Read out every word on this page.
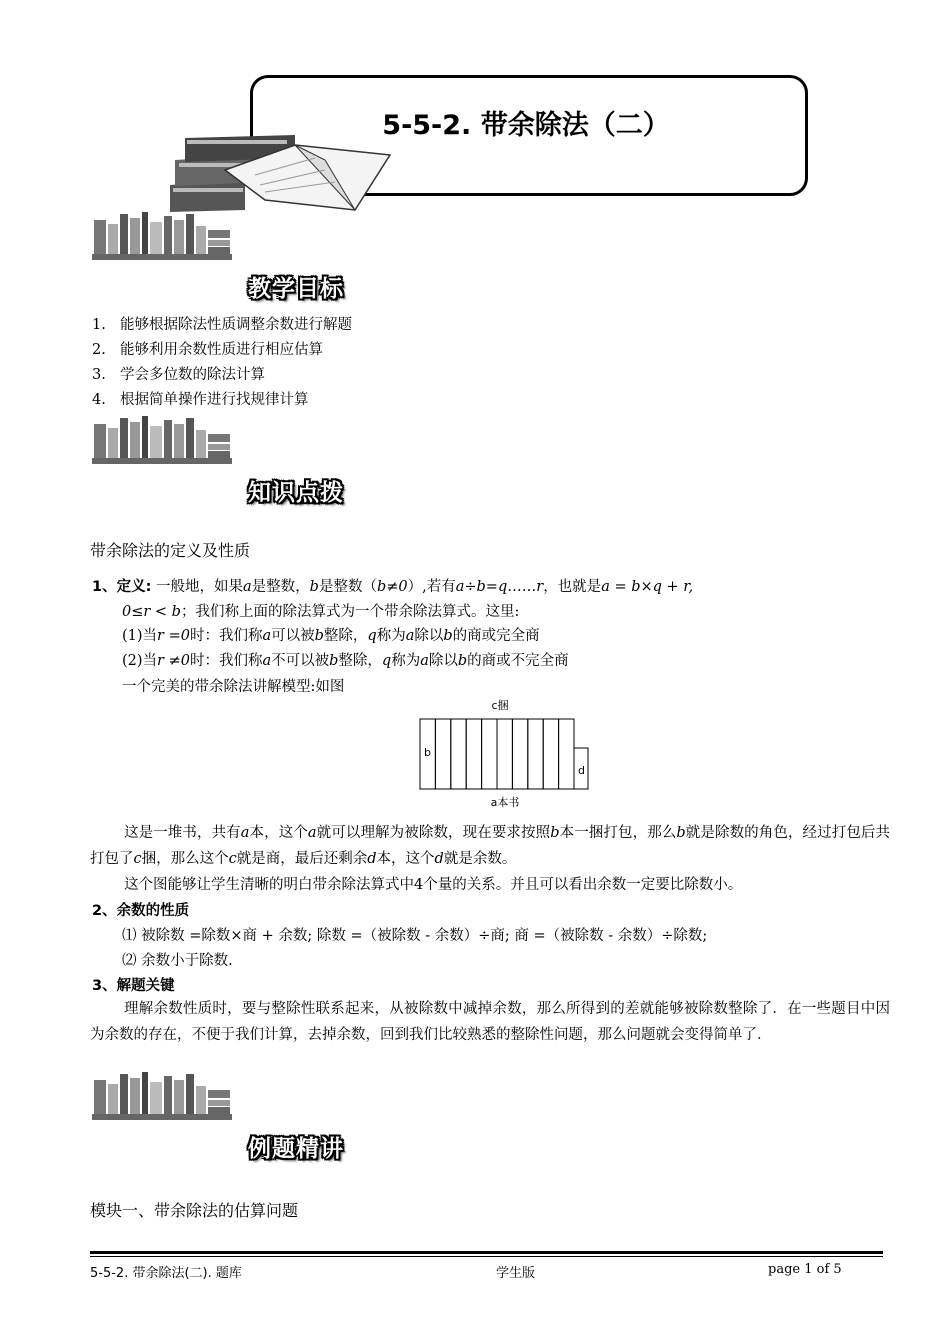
5-5-2. 带余除法（二）
教学目标
1. 能够根据除法性质调整余数进行解题
2. 能够利用余数性质进行相应估算
3. 学会多位数的除法计算
4. 根据简单操作进行找规律计算
知识点拨
带余除法的定义及性质
1、定义: 一般地，如果a是整数，b是整数（b≠0）,若有a÷b=q……r，也就是a = b×q + r,
0≤r < b；我们称上面的除法算式为一个带余除法算式。这里:
(1)当r =0时：我们称a可以被b整除，q称为a除以b的商或完全商
(2)当r ≠0时：我们称a不可以被b整除，q称为a除以b的商或不完全商
一个完美的带余除法讲解模型:如图
c捆
b
d
a本书
这是一堆书，共有a本，这个a就可以理解为被除数，现在要求按照b本一捆打包，那么b就是除数的角色，经过打包后共打包了c捆，那么这个c就是商，最后还剩余d本，这个d就是余数。
这个图能够让学生清晰的明白带余除法算式中4个量的关系。并且可以看出余数一定要比除数小。
2、余数的性质
⑴ 被除数 =除数×商 + 余数; 除数 =（被除数 - 余数）÷商; 商 =（被除数 - 余数）÷除数;
⑵ 余数小于除数.
3、解题关键
理解余数性质时，要与整除性联系起来，从被除数中减掉余数，那么所得到的差就能够被除数整除了．在一些题目中因为余数的存在，不便于我们计算，去掉余数，回到我们比较熟悉的整除性问题，那么问题就会变得简单了．
例题精讲
模块一、带余除法的估算问题
5-5-2. 带余除法(二). 题库	学生版	page 1 of 5
